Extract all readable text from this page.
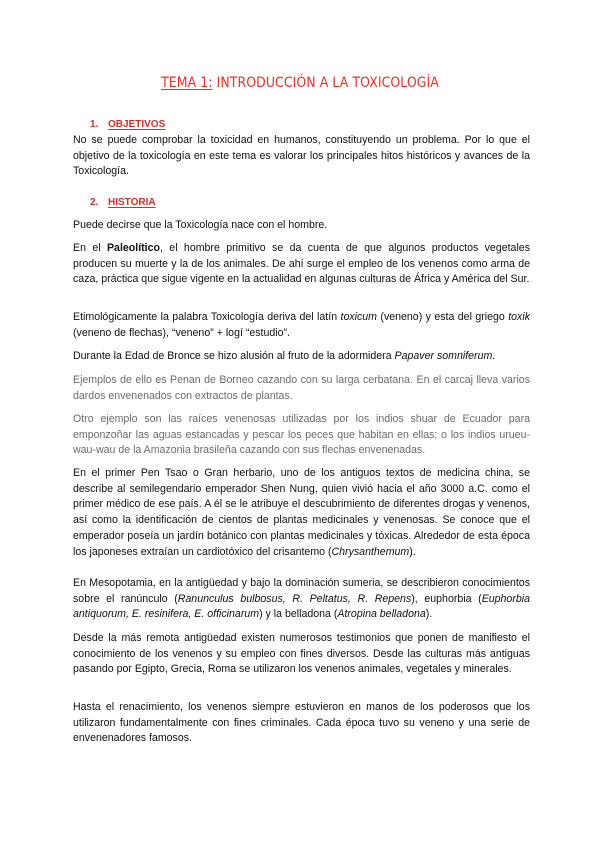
TEMA 1: INTRODUCCIÓN A LA TOXICOLOGÍA
1. OBJETIVOS

No se puede comprobar la toxicidad en humanos, constituyendo un problema. Por lo que el objetivo de la toxicología en este tema es valorar los principales hitos históricos y avances de la Toxicología.

2. HISTORIA

Puede decirse que la Toxicología nace con el hombre.

En el Paleolítico, el hombre primitivo se da cuenta de que algunos productos vegetales producen su muerte y la de los animales. De ahí surge el empleo de los venenos como arma de caza, práctica que sigue vigente en la actualidad en algunas culturas de África y América del Sur.

Etimológicamente la palabra Toxicología deriva del latín toxicum (veneno) y esta del griego toxik (veneno de flechas), “veneno” + logí “estudio”.

Durante la Edad de Bronce se hizo alusión al fruto de la adormidera Papaver somniferum.

Ejemplos de ello es Penan de Borneo cazando con su larga cerbatana. En el carcaj lleva varios dardos envenenados con extractos de plantas.

Otro ejemplo son las raíces venenosas utilizadas por los indios shuar de Ecuador para emponzoñar las aguas estancadas y pescar los peces que habitan en ellas; o los indios urueu-wau-wau de la Amazonia brasileña cazando con sus flechas envenenadas.

En el primer Pen Tsao o Gran herbario, uno de los antiguos textos de medicina china, se describe al semilegendario emperador Shen Nung, quien vivió hacia el año 3000 a.C. como el primer médico de ese país. A él se le atribuye el descubrimiento de diferentes drogas y venenos, así como la identificación de cientos de plantas medicinales y venenosas. Se conoce que el emperador poseía un jardín botánico con plantas medicinales y tóxicas. Alrededor de esta época los japoneses extraían un cardiotóxico del crisantemo (Chrysanthemum).

En Mesopotamia, en la antigüedad y bajo la dominación sumeria, se describieron conocimientos sobre el ranúnculo (Ranunculus bulbosus, R. Peltatus, R. Repens), euphorbia (Euphorbia antiquorum, E. resinifera, E. officinarum) y la belladona (Atropina belladona).

Desde la más remota antigüedad existen numerosos testimonios que ponen de manifiesto el conocimiento de los venenos y su empleo con fines diversos. Desde las culturas más antiguas pasando por Egipto, Grecia, Roma se utilizaron los venenos animales, vegetales y minerales.

Hasta el renacimiento, los venenos siempre estuvieron en manos de los poderosos que los utilizaron fundamentalmente con fines criminales. Cada época tuvo su veneno y una serie de envenenadores famosos.
